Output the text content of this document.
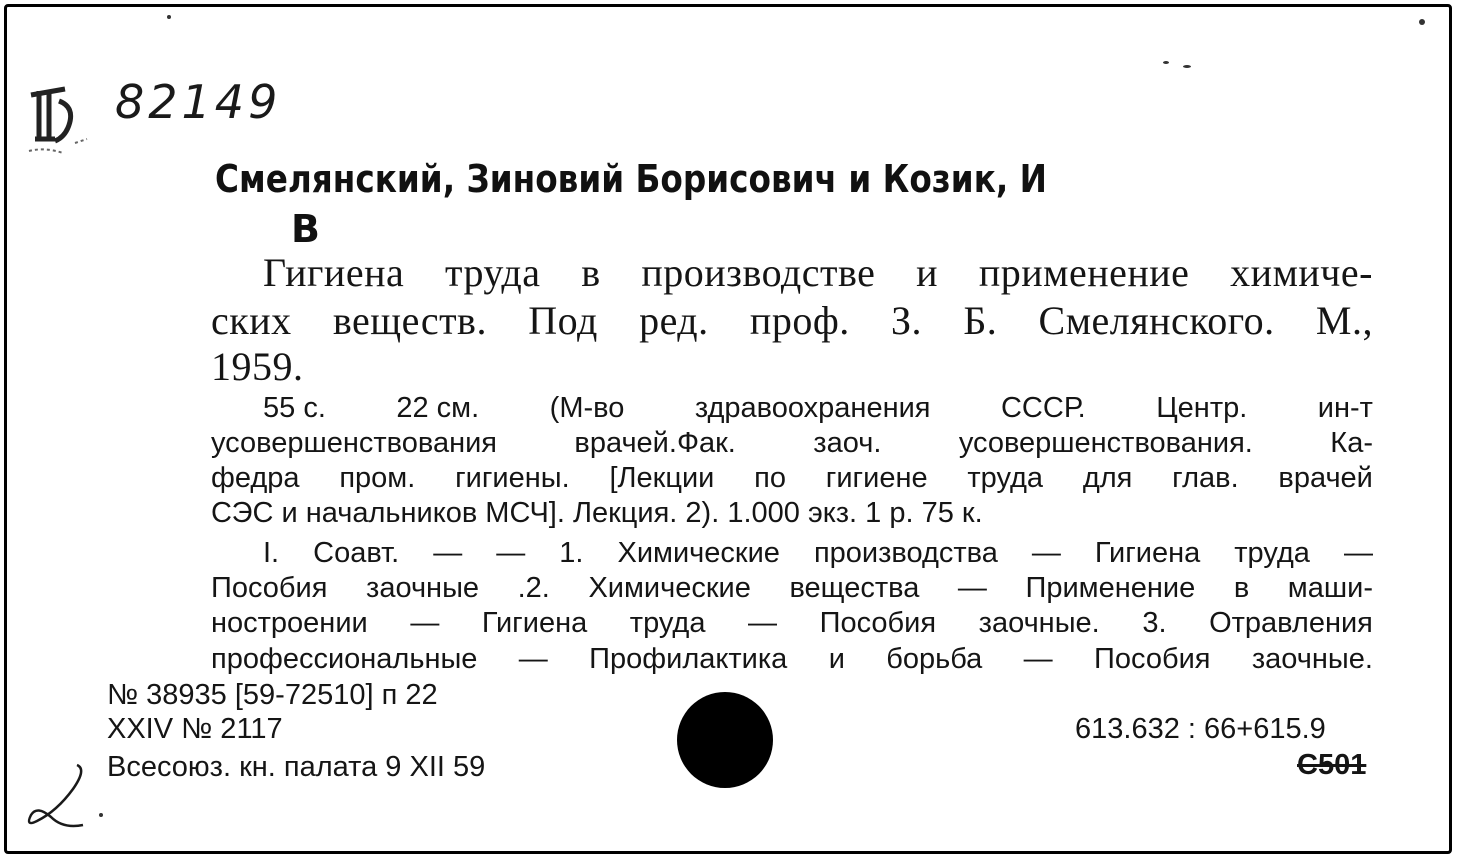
82149
Смелянский, Зиновий Борисович и Козик, И
В
Гигиена труда в производстве и применение химиче-
ских веществ. Под ред. проф. З. Б. Смелянского. М.,
1959.
55 с. 22 см. (М-во здравоохранения СССР. Центр. ин-т
усовершенствования	врачей.Фак.	заоч.	усовершенствования.	Ка-
федра пром. гигиены. [Лекции по гигиене труда для глав. врачей
СЭС и начальников МСЧ]. Лекция. 2). 1.000 экз. 1 р. 75 к.
I. Соавт. — — 1. Химические производства — Гигиена труда —
Пособия заочные .2. Химические вещества — Применение в маши-
ностроении — Гигиена труда — Пособия заочные. 3. Отравления
профессиональные — Профилактика и борьба — Пособия заочные.
№ 38935 [59-72510] п 22
XXIV № 2117
Всесоюз. кн. палата 9 XII 59
613.632 : 66+615.9
С501
